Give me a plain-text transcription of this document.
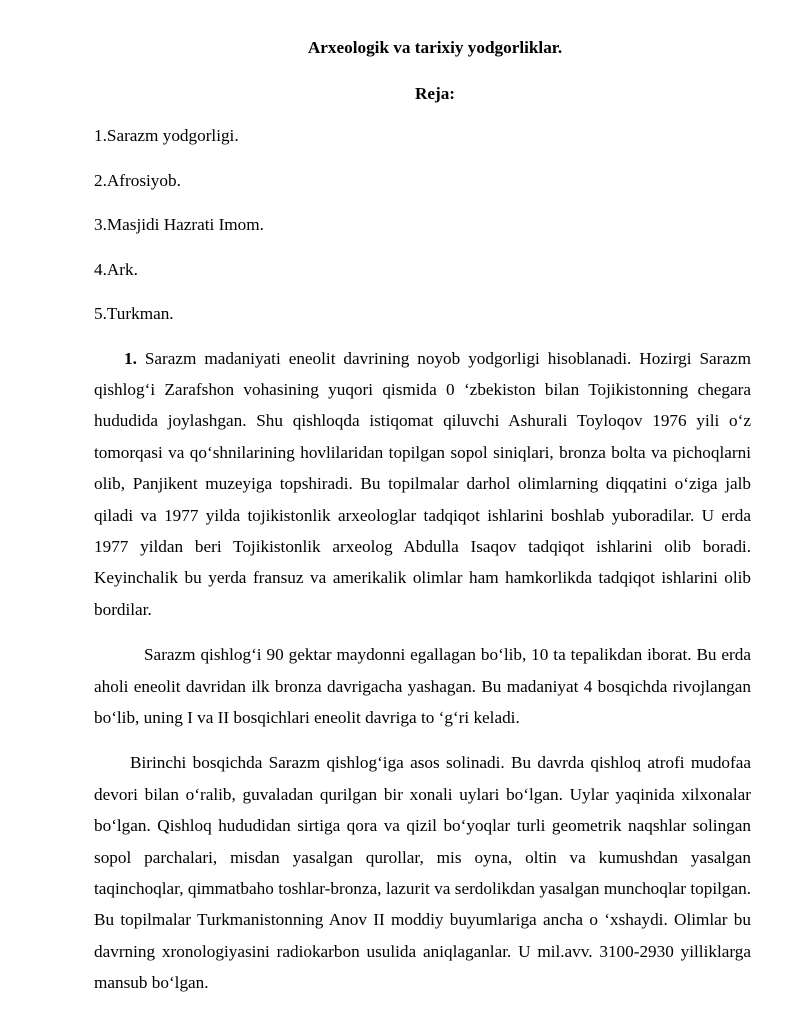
Arxeologik va tarixiy yodgorliklar.
Reja:
1.Sarazm yodgorligi.
2.Afrosiyob.
3.Masjidi Hazrati Imom.
4.Ark.
5.Turkman.

1. Sarazm madaniyati eneolit davrining noyob yodgorligi hisoblanadi. Hozirgi Sarazm qishlog‘i Zarafshon vohasining yuqori qismida 0 ‘zbekiston bilan Tojikistonning chegara hududida joylashgan. Shu qishloqda istiqomat qiluvchi Ashurali Toyloqov 1976 yili o‘z tomorqasi va qo‘shnilarining hovlilaridan topilgan sopol siniqlari, bronza bolta va pichoqlarni olib, Panjikent muzeyiga topshiradi. Bu topilmalar darhol olimlarning diqqatini o‘ziga jalb qiladi va 1977 yilda tojikistonlik arxeologlar tadqiqot ishlarini boshlab yuboradilar. U erda 1977 yildan beri Tojikistonlik arxeolog Abdulla Isaqov tadqiqot ishlarini olib boradi. Keyinchalik bu yerda fransuz va amerikalik olimlar ham hamkorlikda tadqiqot ishlarini olib bordilar.

Sarazm qishlog‘i 90 gektar maydonni egallagan bo‘lib, 10 ta tepalikdan iborat. Bu erda aholi eneolit davridan ilk bronza davrigacha yashagan. Bu madaniyat 4 bosqichda rivojlangan bo‘lib, uning I va II bosqichlari eneolit davriga to ‘g‘ri keladi.

Birinchi bosqichda Sarazm qishlog‘iga asos solinadi. Bu davrda qishloq atrofi mudofaa devori bilan o‘ralib, guvaladan qurilgan bir xonali uylari bo‘lgan. Uylar yaqinida xilxonalar bo‘lgan. Qishloq hududidan sirtiga qora va qizil bo‘yoqlar turli geometrik naqshlar solingan sopol parchalari, misdan yasalgan qurollar, mis oyna, oltin va kumushdan yasalgan taqinchoqlar, qimmatbaho toshlar-bronza, lazurit va serdolikdan yasalgan munchoqlar topilgan. Bu topilmalar Turkmanistonning Anov II moddiy buyumlariga ancha o ‘xshaydi. Olimlar bu davrning xronologiyasini radiokarbon usulida aniqlaganlar. U mil.avv. 3100-2930 yilliklarga mansub bo‘lgan.
